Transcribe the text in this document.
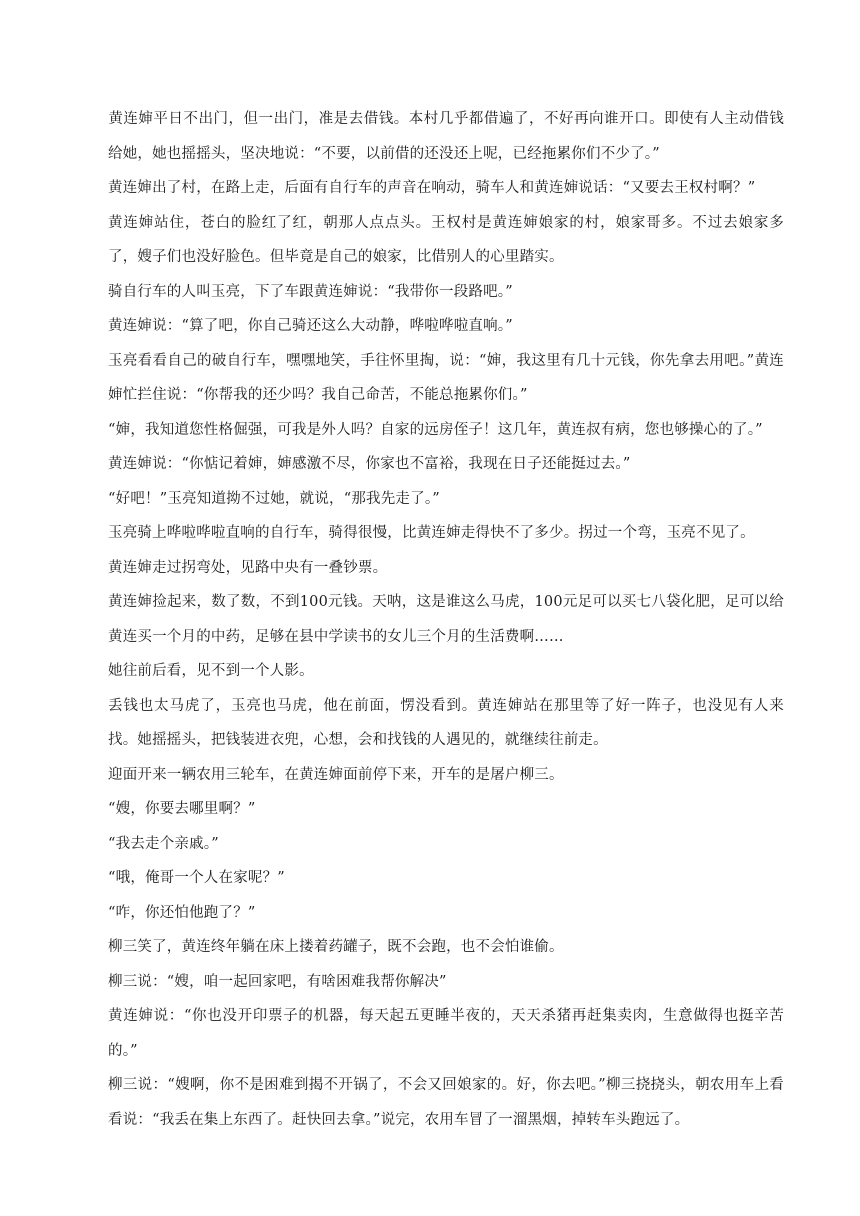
黄连婶平日不出门，但一出门，准是去借钱。本村几乎都借遍了，不好再向谁开口。即使有人主动借钱给她，她也摇摇头，坚决地说：“不要，以前借的还没还上呢，已经拖累你们不少了。”

黄连婶出了村，在路上走，后面有自行车的声音在响动，骑车人和黄连婶说话：“又要去王权村啊？”

黄连婶站住，苍白的脸红了红，朝那人点点头。王权村是黄连婶娘家的村，娘家哥多。不过去娘家多了，嫂子们也没好脸色。但毕竟是自己的娘家，比借别人的心里踏实。

骑自行车的人叫玉亮，下了车跟黄连婶说：“我带你一段路吧。”

黄连婶说：“算了吧，你自己骑还这么大动静，哗啦哗啦直响。”

玉亮看看自己的破自行车，嘿嘿地笑，手往怀里掏，说：“婶，我这里有几十元钱，你先拿去用吧。”黄连婶忙拦住说：“你帮我的还少吗？我自己命苦，不能总拖累你们。”

“婶，我知道您性格倔强，可我是外人吗？自家的远房侄子！这几年，黄连叔有病，您也够操心的了。”

黄连婶说：“你惦记着婶，婶感激不尽，你家也不富裕，我现在日子还能挺过去。”

“好吧！”玉亮知道拗不过她，就说，“那我先走了。”

玉亮骑上哗啦哗啦直响的自行车，骑得很慢，比黄连婶走得快不了多少。拐过一个弯，玉亮不见了。

黄连婶走过拐弯处，见路中央有一叠钞票。

黄连婶捡起来，数了数，不到100元钱。天呐，这是谁这么马虎，100元足可以买七八袋化肥，足可以给黄连买一个月的中药，足够在县中学读书的女儿三个月的生活费啊……

她往前后看，见不到一个人影。

丢钱也太马虎了，玉亮也马虎，他在前面，愣没看到。黄连婶站在那里等了好一阵子，也没见有人来找。她摇摇头，把钱装进衣兜，心想，会和找钱的人遇见的，就继续往前走。

迎面开来一辆农用三轮车，在黄连婶面前停下来，开车的是屠户柳三。

“嫂，你要去哪里啊？”

“我去走个亲戚。”

“哦，俺哥一个人在家呢？”

“咋，你还怕他跑了？”

柳三笑了，黄连终年躺在床上搂着药罐子，既不会跑，也不会怕谁偷。

柳三说：“嫂，咱一起回家吧，有啥困难我帮你解决”

黄连婶说：“你也没开印票子的机器，每天起五更睡半夜的，天天杀猪再赶集卖肉，生意做得也挺辛苦的。”

柳三说：“嫂啊，你不是困难到揭不开锅了，不会又回娘家的。好，你去吧。”柳三挠挠头，朝农用车上看看说：“我丢在集上东西了。赶快回去拿。”说完，农用车冒了一溜黑烟，掉转车头跑远了。
